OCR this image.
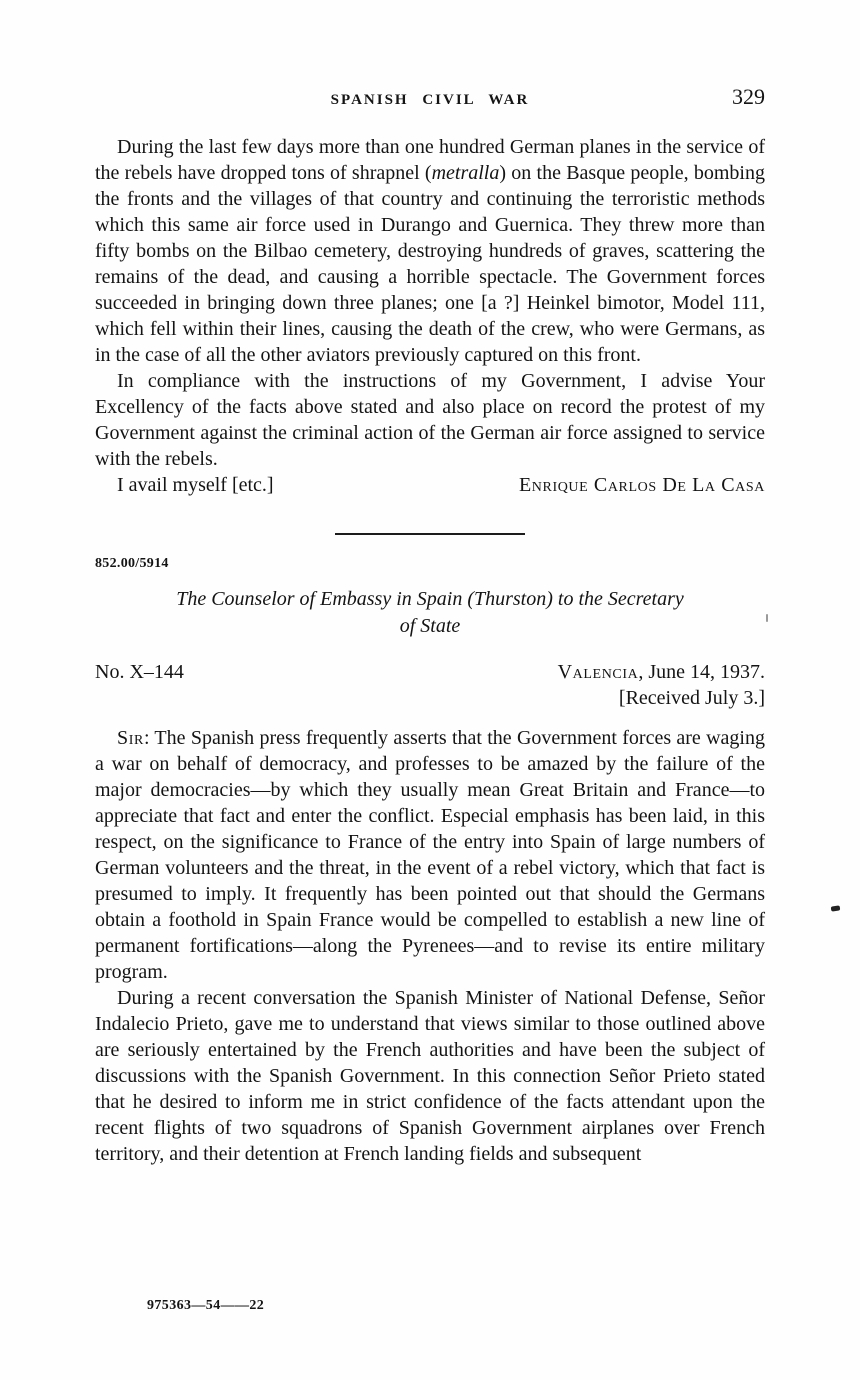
SPANISH CIVIL WAR	329

During the last few days more than one hundred German planes in the service of the rebels have dropped tons of shrapnel (metralla) on the Basque people, bombing the fronts and the villages of that country and continuing the terroristic methods which this same air force used in Durango and Guernica. They threw more than fifty bombs on the Bilbao cemetery, destroying hundreds of graves, scattering the remains of the dead, and causing a horrible spectacle. The Government forces succeeded in bringing down three planes; one [a ?] Heinkel bimotor, Model 111, which fell within their lines, causing the death of the crew, who were Germans, as in the case of all the other aviators previously captured on this front.

In compliance with the instructions of my Government, I advise Your Excellency of the facts above stated and also place on record the protest of my Government against the criminal action of the German air force assigned to service with the rebels.

I avail myself [etc.]	Enrique Carlos De La Casa
852.00/5914
The Counselor of Embassy in Spain (Thurston) to the Secretary
of State
No. X–144	Valencia, June 14, 1937.
[Received July 3.]

Sir: The Spanish press frequently asserts that the Government forces are waging a war on behalf of democracy, and professes to be amazed by the failure of the major democracies—by which they usually mean Great Britain and France—to appreciate that fact and enter the conflict. Especial emphasis has been laid, in this respect, on the significance to France of the entry into Spain of large numbers of German volunteers and the threat, in the event of a rebel victory, which that fact is presumed to imply. It frequently has been pointed out that should the Germans obtain a foothold in Spain France would be compelled to establish a new line of permanent fortifications—along the Pyrenees—and to revise its entire military program.

During a recent conversation the Spanish Minister of National Defense, Señor Indalecio Prieto, gave me to understand that views similar to those outlined above are seriously entertained by the French authorities and have been the subject of discussions with the Spanish Government. In this connection Señor Prieto stated that he desired to inform me in strict confidence of the facts attendant upon the recent flights of two squadrons of Spanish Government airplanes over French territory, and their detention at French landing fields and subsequent

975363—54——22
